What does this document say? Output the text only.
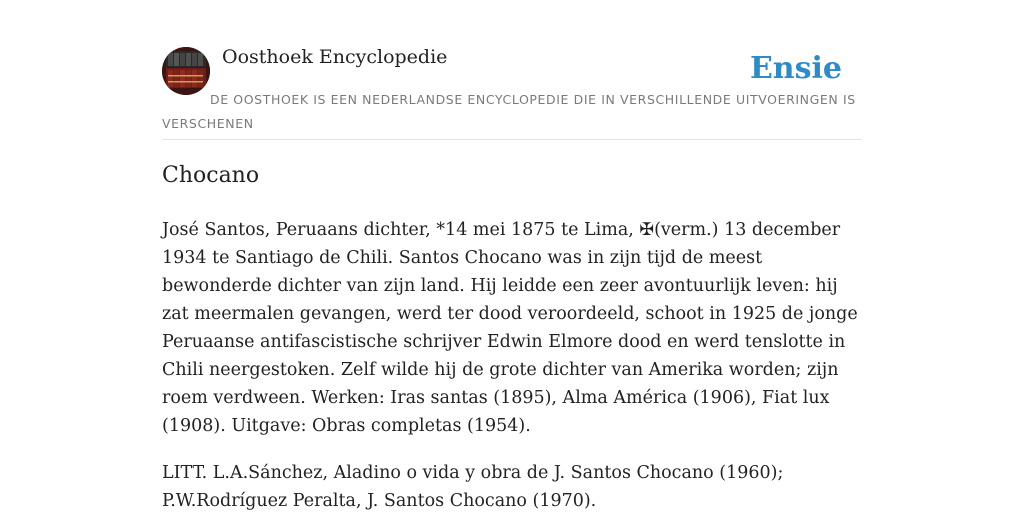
Oosthoek Encyclopedie	Ensie
DE OOSTHOEK IS EEN NEDERLANDSE ENCYCLOPEDIE DIE IN VERSCHILLENDE UITVOERINGEN IS VERSCHENEN
Chocano

José Santos, Peruaans dichter, *14 mei 1875 te Lima, ✠(verm.) 13 december 1934 te Santiago de Chili. Santos Chocano was in zijn tijd de meest bewonderde dichter van zijn land. Hij leidde een zeer avontuurlijk leven: hij zat meermalen gevangen, werd ter dood veroordeeld, schoot in 1925 de jonge Peruaanse antifascistische schrijver Edwin Elmore dood en werd tenslotte in Chili neergestoken. Zelf wilde hij de grote dichter van Amerika worden; zijn roem verdween. Werken: Iras santas (1895), Alma América (1906), Fiat lux (1908). Uitgave: Obras completas (1954).

LITT. L.A.Sánchez, Aladino o vida y obra de J. Santos Chocano (1960); P.W.Rodríguez Peralta, J. Santos Chocano (1970).
